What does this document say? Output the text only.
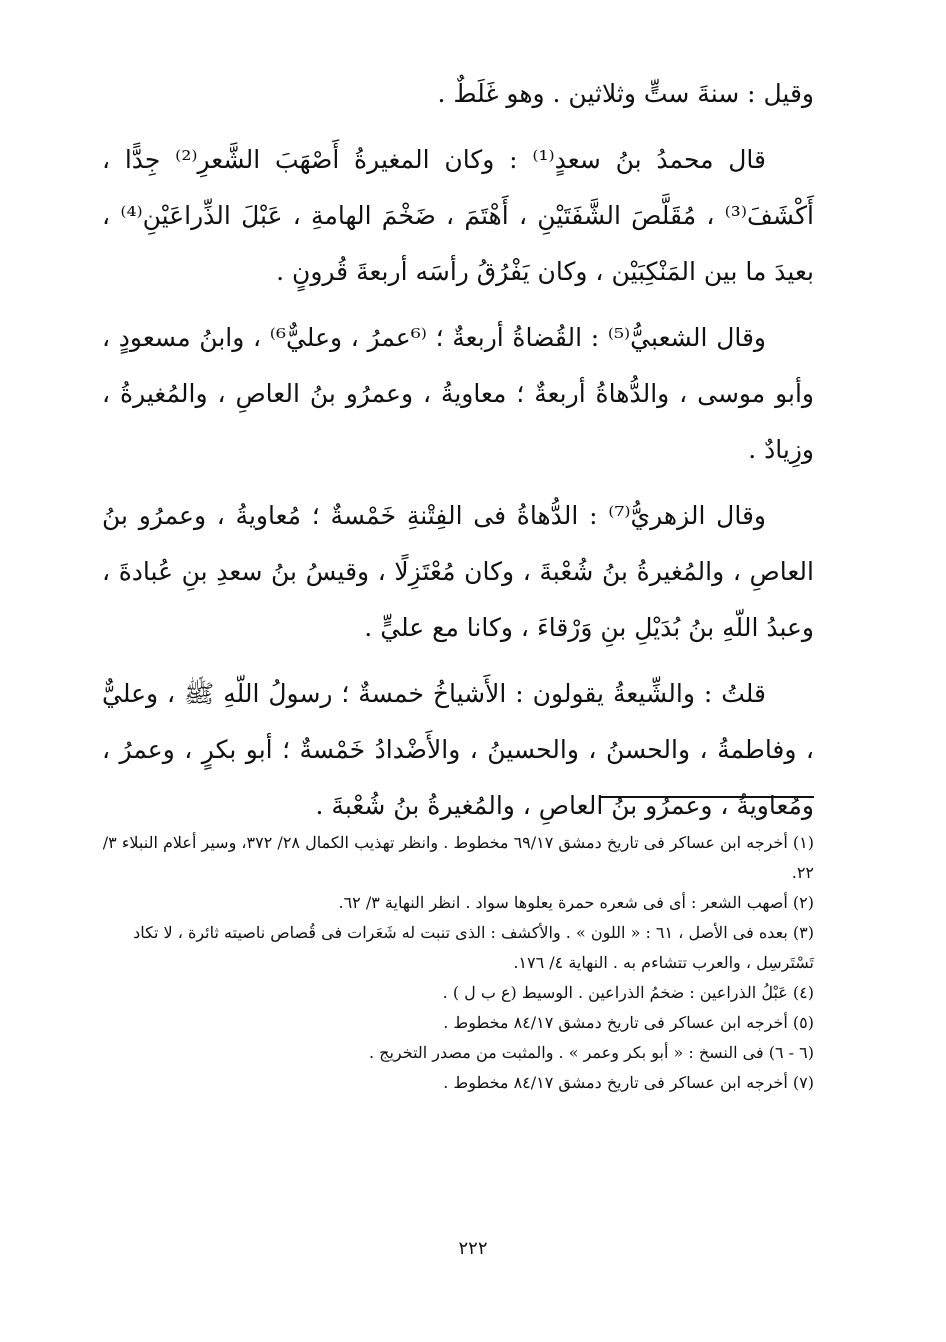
وقيل : سنةَ ستٍّ وثلاثين . وهو غَلَطٌ .

قال محمدُ بنُ سعدٍ⁽¹⁾ : وكان المغيرةُ أَصْهَبَ الشَّعرِ⁽²⁾ جِدًّا ، أَكْشَفَ⁽³⁾ ، مُقَلَّصَ الشَّفَتَيْنِ ، أَهْتَمَ ، ضَخْمَ الهامةِ ، عَبْلَ الذِّراعَيْنِ⁽⁴⁾ ، بعيدَ ما بين المَنْكِبَيْن ، وكان يَفْرُقُ رأسَه أربعةَ قُرونٍ .

وقال الشعبيُّ⁽⁵⁾ : القُضاةُ أربعةٌ ؛ ⁽⁶عمرُ ، وعليٌّ⁶⁾ ، وابنُ مسعودٍ ، وأبو موسى ، والدُّهاةُ أربعةٌ ؛ معاويةُ ، وعمرُو بنُ العاصِ ، والمُغيرةُ ، وزِيادٌ .

وقال الزهريُّ⁽⁷⁾ : الدُّهاةُ فى الفِتْنةِ خَمْسةٌ ؛ مُعاويةُ ، وعمرُو بنُ العاصِ ، والمُغيرةُ بنُ شُعْبةَ ، وكان مُعْتَزِلًا ، وقيسُ بنُ سعدِ بنِ عُبادةَ ، وعبدُ اللّهِ بنُ بُدَيْلِ بنِ وَرْقاءَ ، وكانا مع عليٍّ .

قلتُ : والشِّيعةُ يقولون : الأَشياخُ خمسةٌ ؛ رسولُ اللّهِ ﷺ ، وعليٌّ ، وفاطمةُ ، والحسنُ ، والحسينُ ، والأَضْدادُ خَمْسةٌ ؛ أبو بكرٍ ، وعمرُ ، ومُعاويةُ ، وعمرُو بنُ العاصِ ، والمُغيرةُ بنُ شُعْبةَ .

(١) أخرجه ابن عساكر فى تاريخ دمشق ٦٩/١٧ مخطوط . وانظر تهذيب الكمال ٢٨/ ٣٧٢، وسير أعلام النبلاء ٣/ ٢٢.

(٢) أصهب الشعر : أى فى شعره حمرة يعلوها سواد . انظر النهاية ٣/ ٦٢.

(٣) بعده فى الأصل ، ٦١ : « اللون » . والأكشف : الذى تنبت له شَعَرات فى قُصاص ناصيته ثائرة ، لا تكاد تَسْتَرسِل ، والعرب تتشاءم به . النهاية ٤/ ١٧٦.

(٤) عَبْلُ الذراعين : ضخمُ الذراعين . الوسيط (ع ب ل ) .

(٥) أخرجه ابن عساكر فى تاريخ دمشق ٨٤/١٧ مخطوط .

(٦ - ٦) فى النسخ : « أبو بكر وعمر » . والمثبت من مصدر التخريج .

(٧) أخرجه ابن عساكر فى تاريخ دمشق ٨٤/١٧ مخطوط .

٢٢٢
